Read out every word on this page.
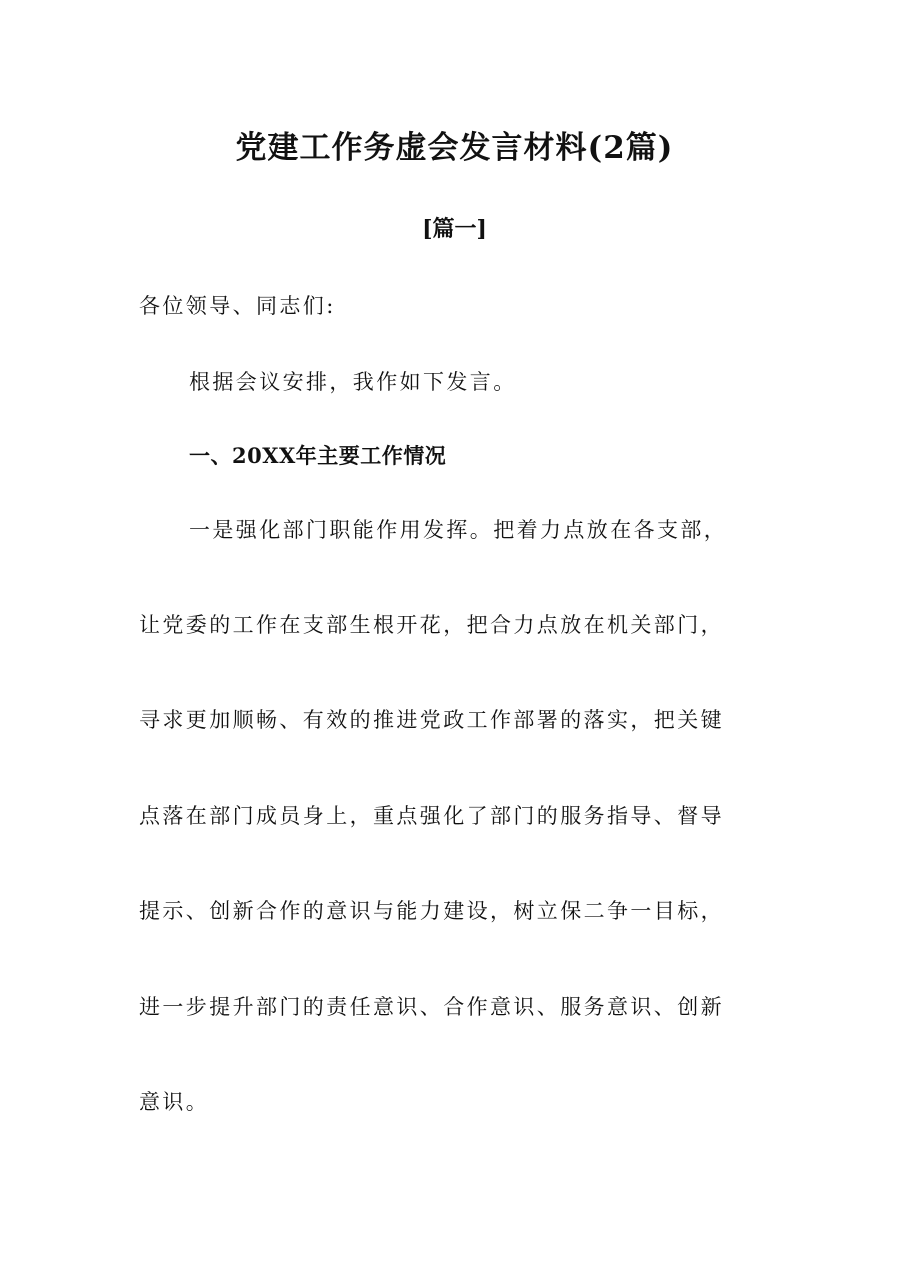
党建工作务虚会发言材料(2篇)
[篇一]

各位领导、同志们:

根据会议安排，我作如下发言。

一、20XX年主要工作情况

一是强化部门职能作用发挥。把着力点放在各支部，

让党委的工作在支部生根开花，把合力点放在机关部门，

寻求更加顺畅、有效的推进党政工作部署的落实，把关键

点落在部门成员身上，重点强化了部门的服务指导、督导

提示、创新合作的意识与能力建设，树立保二争一目标，

进一步提升部门的责任意识、合作意识、服务意识、创新

意识。
